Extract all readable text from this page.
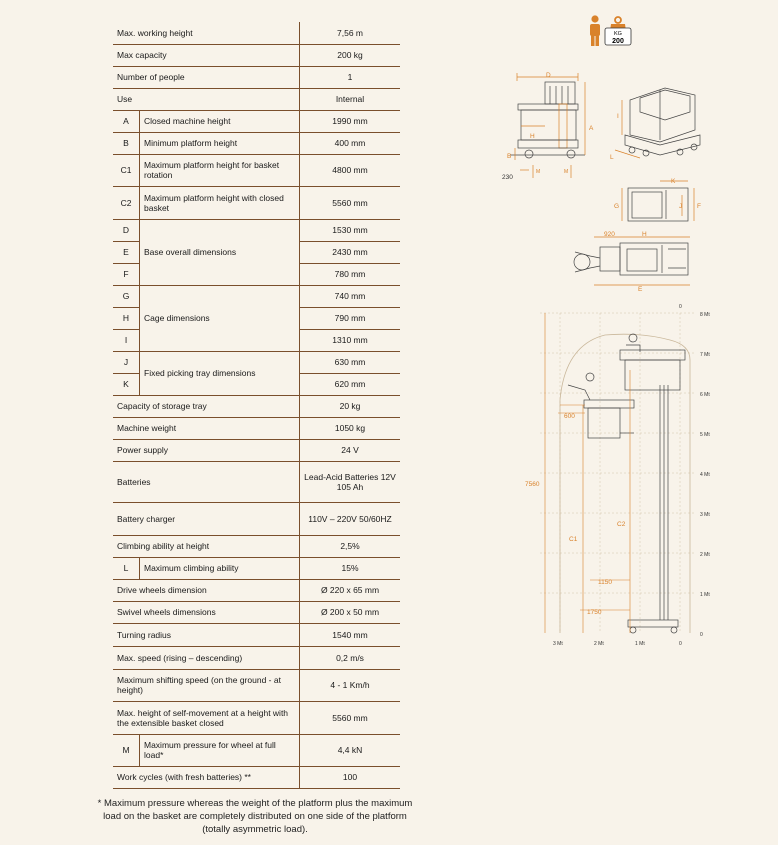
Max. working height		7,56 m
Max capacity		200 kg
Number of people		1
Use		Internal
A	Closed machine height	1990 mm
B	Minimum platform height	400 mm
C1	Maximum platform height for basket rotation	4800 mm
C2	Maximum platform height with closed basket	5560 mm
D	Base overall dimensions	1530 mm
E		2430 mm
F		780 mm
G	Cage dimensions	740 mm
H		790 mm
I		1310 mm
J	Fixed picking tray dimensions	630 mm
K		620 mm
Capacity of storage tray		20 kg
Machine weight		1050 kg
Power supply		24 V
Batteries		Lead-Acid Batteries 12V 105 Ah
Battery charger		110V – 220V 50/60HZ
Climbing ability at height		2,5%
L	Maximum climbing ability	15%
Drive wheels dimension		Ø 220 x 65 mm
Swivel wheels dimensions		Ø 200 x 50 mm
Turning radius		1540 mm
Max. speed (rising – descending)		0,2 m/s
Maximum shifting speed (on the ground - at height)		4 - 1 Km/h
Max. height of self-movement at a height with the extensible basket closed		5560 mm
M	Maximum pressure for wheel at full load*	4,4 kN
Work cycles (with fresh batteries) **		100
* Maximum pressure whereas the weight of the platform plus the maximum load on the basket are completely distributed on one side of the platform (totally asymmetric load).
KG
200
D
A
B
H
230
M	M
I
L
K
G	J F
920	H
E
7560
600
C1
C2
1150
1750
0
8 Mt
7 Mt
6 Mt
5 Mt
4 Mt
3 Mt
2 Mt
1 Mt
0
3 Mt	2 Mt	1 Mt	0
